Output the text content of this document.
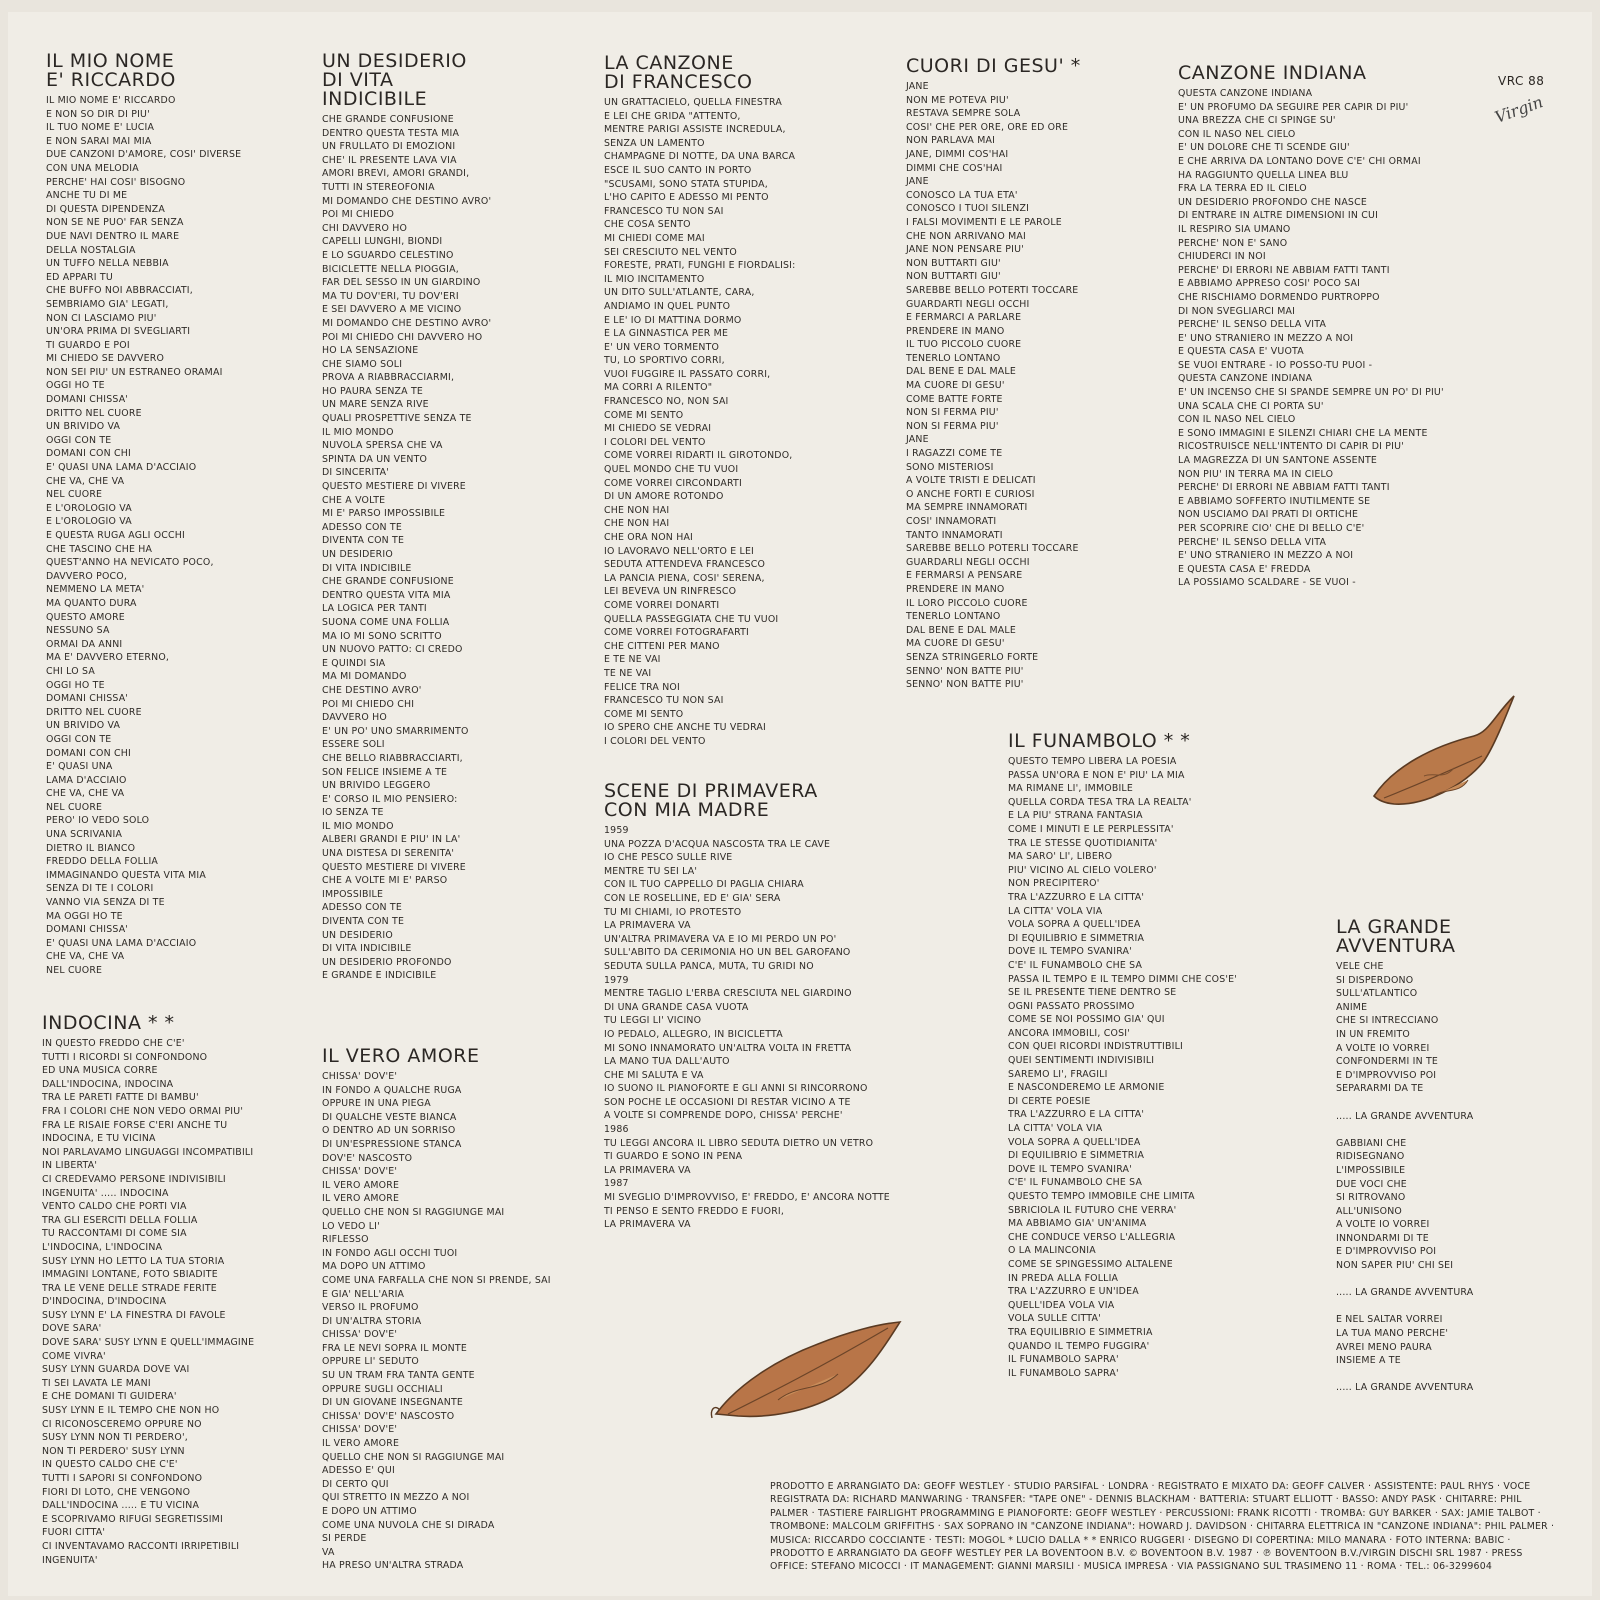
VRC 88
Virgin
IL MIO NOME
E' RICCARDO
IL MIO NOME E' RICCARDO
E NON SO DIR DI PIU'
IL TUO NOME E' LUCIA
E NON SARAI MAI MIA
DUE CANZONI D'AMORE, COSI' DIVERSE
CON UNA MELODIA
PERCHE' HAI COSI' BISOGNO
ANCHE TU DI ME
DI QUESTA DIPENDENZA
NON SE NE PUO' FAR SENZA
DUE NAVI DENTRO IL MARE
DELLA NOSTALGIA
UN TUFFO NELLA NEBBIA
ED APPARI TU
CHE BUFFO NOI ABBRACCIATI,
SEMBRIAMO GIA' LEGATI,
NON CI LASCIAMO PIU'
UN'ORA PRIMA DI SVEGLIARTI
TI GUARDO E POI
MI CHIEDO SE DAVVERO
NON SEI PIU' UN ESTRANEO ORAMAI
OGGI HO TE
DOMANI CHISSA'
DRITTO NEL CUORE
UN BRIVIDO VA
OGGI CON TE
DOMANI CON CHI
E' QUASI UNA LAMA D'ACCIAIO
CHE VA, CHE VA
NEL CUORE
E L'OROLOGIO VA
E L'OROLOGIO VA
E QUESTA RUGA AGLI OCCHI
CHE TASCINO CHE HA
QUEST'ANNO HA NEVICATO POCO,
DAVVERO POCO,
NEMMENO LA META'
MA QUANTO DURA
QUESTO AMORE
NESSUNO SA
ORMAI DA ANNI
MA E' DAVVERO ETERNO,
CHI LO SA
OGGI HO TE
DOMANI CHISSA'
DRITTO NEL CUORE
UN BRIVIDO VA
OGGI CON TE
DOMANI CON CHI
E' QUASI UNA
LAMA D'ACCIAIO
CHE VA, CHE VA
NEL CUORE
PERO' IO VEDO SOLO
UNA SCRIVANIA
DIETRO IL BIANCO
FREDDO DELLA FOLLIA
IMMAGINANDO QUESTA VITA MIA
SENZA DI TE I COLORI
VANNO VIA SENZA DI TE
MA OGGI HO TE
DOMANI CHISSA'
E' QUASI UNA LAMA D'ACCIAIO
CHE VA, CHE VA
NEL CUORE
INDOCINA * *
IN QUESTO FREDDO CHE C'E'
TUTTI I RICORDI SI CONFONDONO
ED UNA MUSICA CORRE
DALL'INDOCINA, INDOCINA
TRA LE PARETI FATTE DI BAMBU'
FRA I COLORI CHE NON VEDO ORMAI PIU'
FRA LE RISAIE FORSE C'ERI ANCHE TU
INDOCINA, E TU VICINA
NOI PARLAVAMO LINGUAGGI INCOMPATIBILI
IN LIBERTA'
CI CREDEVAMO PERSONE INDIVISIBILI
INGENUITA' ..... INDOCINA
VENTO CALDO CHE PORTI VIA
TRA GLI ESERCITI DELLA FOLLIA
TU RACCONTAMI DI COME SIA
L'INDOCINA, L'INDOCINA
SUSY LYNN HO LETTO LA TUA STORIA
IMMAGINI LONTANE, FOTO SBIADITE
TRA LE VENE DELLE STRADE FERITE
D'INDOCINA, D'INDOCINA
SUSY LYNN E' LA FINESTRA DI FAVOLE
DOVE SARA'
DOVE SARA' SUSY LYNN E QUELL'IMMAGINE
COME VIVRA'
SUSY LYNN GUARDA DOVE VAI
TI SEI LAVATA LE MANI
E CHE DOMANI TI GUIDERA'
SUSY LYNN E IL TEMPO CHE NON HO
CI RICONOSCEREMO OPPURE NO
SUSY LYNN NON TI PERDERO',
NON TI PERDERO' SUSY LYNN
IN QUESTO CALDO CHE C'E'
TUTTI I SAPORI SI CONFONDONO
FIORI DI LOTO, CHE VENGONO
DALL'INDOCINA ..... E TU VICINA
E SCOPRIVAMO RIFUGI SEGRETISSIMI
FUORI CITTA'
CI INVENTAVAMO RACCONTI IRRIPETIBILI
INGENUITA'
UN DESIDERIO
DI VITA
INDICIBILE
CHE GRANDE CONFUSIONE
DENTRO QUESTA TESTA MIA
UN FRULLATO DI EMOZIONI
CHE' IL PRESENTE LAVA VIA
AMORI BREVI, AMORI GRANDI,
TUTTI IN STEREOFONIA
MI DOMANDO CHE DESTINO AVRO'
POI MI CHIEDO
CHI DAVVERO HO
CAPELLI LUNGHI, BIONDI
E LO SGUARDO CELESTINO
BICICLETTE NELLA PIOGGIA,
FAR DEL SESSO IN UN GIARDINO
MA TU DOV'ERI, TU DOV'ERI
E SEI DAVVERO A ME VICINO
MI DOMANDO CHE DESTINO AVRO'
POI MI CHIEDO CHI DAVVERO HO
HO LA SENSAZIONE
CHE SIAMO SOLI
PROVA A RIABBRACCIARMI,
HO PAURA SENZA TE
UN MARE SENZA RIVE
QUALI PROSPETTIVE SENZA TE
IL MIO MONDO
NUVOLA SPERSA CHE VA
SPINTA DA UN VENTO
DI SINCERITA'
QUESTO MESTIERE DI VIVERE
CHE A VOLTE
MI E' PARSO IMPOSSIBILE
ADESSO CON TE
DIVENTA CON TE
UN DESIDERIO
DI VITA INDICIBILE
CHE GRANDE CONFUSIONE
DENTRO QUESTA VITA MIA
LA LOGICA PER TANTI
SUONA COME UNA FOLLIA
MA IO MI SONO SCRITTO
UN NUOVO PATTO: CI CREDO
E QUINDI SIA
MA MI DOMANDO
CHE DESTINO AVRO'
POI MI CHIEDO CHI
DAVVERO HO
E' UN PO' UNO SMARRIMENTO
ESSERE SOLI
CHE BELLO RIABBRACCIARTI,
SON FELICE INSIEME A TE
UN BRIVIDO LEGGERO
E' CORSO IL MIO PENSIERO:
IO SENZA TE
IL MIO MONDO
ALBERI GRANDI E PIU' IN LA'
UNA DISTESA DI SERENITA'
QUESTO MESTIERE DI VIVERE
CHE A VOLTE MI E' PARSO
IMPOSSIBILE
ADESSO CON TE
DIVENTA CON TE
UN DESIDERIO
DI VITA INDICIBILE
UN DESIDERIO PROFONDO
E GRANDE E INDICIBILE
IL VERO AMORE
CHISSA' DOV'E'
IN FONDO A QUALCHE RUGA
OPPURE IN UNA PIEGA
DI QUALCHE VESTE BIANCA
O DENTRO AD UN SORRISO
DI UN'ESPRESSIONE STANCA
DOV'E' NASCOSTO
CHISSA' DOV'E'
IL VERO AMORE
IL VERO AMORE
QUELLO CHE NON SI RAGGIUNGE MAI
LO VEDO LI'
RIFLESSO
IN FONDO AGLI OCCHI TUOI
MA DOPO UN ATTIMO
COME UNA FARFALLA CHE NON SI PRENDE, SAI
E GIA' NELL'ARIA
VERSO IL PROFUMO
DI UN'ALTRA STORIA
CHISSA' DOV'E'
FRA LE NEVI SOPRA IL MONTE
OPPURE LI' SEDUTO
SU UN TRAM FRA TANTA GENTE
OPPURE SUGLI OCCHIALI
DI UN GIOVANE INSEGNANTE
CHISSA' DOV'E' NASCOSTO
CHISSA' DOV'E'
IL VERO AMORE
QUELLO CHE NON SI RAGGIUNGE MAI
ADESSO E' QUI
DI CERTO QUI
QUI STRETTO IN MEZZO A NOI
E DOPO UN ATTIMO
COME UNA NUVOLA CHE SI DIRADA
SI PERDE
VA
HA PRESO UN'ALTRA STRADA
LA CANZONE
DI FRANCESCO
UN GRATTACIELO, QUELLA FINESTRA
E LEI CHE GRIDA "ATTENTO,
MENTRE PARIGI ASSISTE INCREDULA,
SENZA UN LAMENTO
CHAMPAGNE DI NOTTE, DA UNA BARCA
ESCE IL SUO CANTO IN PORTO
"SCUSAMI, SONO STATA STUPIDA,
L'HO CAPITO E ADESSO MI PENTO
FRANCESCO TU NON SAI
CHE COSA SENTO
MI CHIEDI COME MAI
SEI CRESCIUTO NEL VENTO
FORESTE, PRATI, FUNGHI E FIORDALISI:
IL MIO INCITAMENTO
UN DITO SULL'ATLANTE, CARA,
ANDIAMO IN QUEL PUNTO
E LE' IO DI MATTINA DORMO
E LA GINNASTICA PER ME
E' UN VERO TORMENTO
TU, LO SPORTIVO CORRI,
VUOI FUGGIRE IL PASSATO CORRI,
MA CORRI A RILENTO"
FRANCESCO NO, NON SAI
COME MI SENTO
MI CHIEDO SE VEDRAI
I COLORI DEL VENTO
COME VORREI RIDARTI IL GIROTONDO,
QUEL MONDO CHE TU VUOI
COME VORREI CIRCONDARTI
DI UN AMORE ROTONDO
CHE NON HAI
CHE NON HAI
CHE ORA NON HAI
IO LAVORAVO NELL'ORTO E LEI
SEDUTA ATTENDEVA FRANCESCO
LA PANCIA PIENA, COSI' SERENA,
LEI BEVEVA UN RINFRESCO
COME VORREI DONARTI
QUELLA PASSEGGIATA CHE TU VUOI
COME VORREI FOTOGRAFARTI
CHE CITTENI PER MANO
E TE NE VAI
TE NE VAI
FELICE TRA NOI
FRANCESCO TU NON SAI
COME MI SENTO
IO SPERO CHE ANCHE TU VEDRAI
I COLORI DEL VENTO
SCENE DI PRIMAVERA
CON MIA MADRE
1959
UNA POZZA D'ACQUA NASCOSTA TRA LE CAVE
IO CHE PESCO SULLE RIVE
MENTRE TU SEI LA'
CON IL TUO CAPPELLO DI PAGLIA CHIARA
CON LE ROSELLINE, ED E' GIA' SERA
TU MI CHIAMI, IO PROTESTO
LA PRIMAVERA VA
UN'ALTRA PRIMAVERA VA E IO MI PERDO UN PO'
SULL'ABITO DA CERIMONIA HO UN BEL GAROFANO
SEDUTA SULLA PANCA, MUTA, TU GRIDI NO
1979
MENTRE TAGLIO L'ERBA CRESCIUTA NEL GIARDINO
DI UNA GRANDE CASA VUOTA
TU LEGGI LI' VICINO
IO PEDALO, ALLEGRO, IN BICICLETTA
MI SONO INNAMORATO UN'ALTRA VOLTA IN FRETTA
LA MANO TUA DALL'AUTO
CHE MI SALUTA E VA
IO SUONO IL PIANOFORTE E GLI ANNI SI RINCORRONO
SON POCHE LE OCCASIONI DI RESTAR VICINO A TE
A VOLTE SI COMPRENDE DOPO, CHISSA' PERCHE'
1986
TU LEGGI ANCORA IL LIBRO SEDUTA DIETRO UN VETRO
TI GUARDO E SONO IN PENA
LA PRIMAVERA VA
1987
MI SVEGLIO D'IMPROVVISO, E' FREDDO, E' ANCORA NOTTE
TI PENSO E SENTO FREDDO E FUORI,
LA PRIMAVERA VA
CUORI DI GESU' *
JANE
NON ME POTEVA PIU'
RESTAVA SEMPRE SOLA
COSI' CHE PER ORE, ORE ED ORE
NON PARLAVA MAI
JANE, DIMMI COS'HAI
DIMMI CHE COS'HAI
JANE
CONOSCO LA TUA ETA'
CONOSCO I TUOI SILENZI
I FALSI MOVIMENTI E LE PAROLE
CHE NON ARRIVANO MAI
JANE NON PENSARE PIU'
NON BUTTARTI GIU'
NON BUTTARTI GIU'
SAREBBE BELLO POTERTI TOCCARE
GUARDARTI NEGLI OCCHI
E FERMARCI A PARLARE
PRENDERE IN MANO
IL TUO PICCOLO CUORE
TENERLO LONTANO
DAL BENE E DAL MALE
MA CUORE DI GESU'
COME BATTE FORTE
NON SI FERMA PIU'
NON SI FERMA PIU'
JANE
I RAGAZZI COME TE
SONO MISTERIOSI
A VOLTE TRISTI E DELICATI
O ANCHE FORTI E CURIOSI
MA SEMPRE INNAMORATI
COSI' INNAMORATI
TANTO INNAMORATI
SAREBBE BELLO POTERLI TOCCARE
GUARDARLI NEGLI OCCHI
E FERMARSI A PENSARE
PRENDERE IN MANO
IL LORO PICCOLO CUORE
TENERLO LONTANO
DAL BENE E DAL MALE
MA CUORE DI GESU'
SENZA STRINGERLO FORTE
SENNO' NON BATTE PIU'
SENNO' NON BATTE PIU'
IL FUNAMBOLO * *
QUESTO TEMPO LIBERA LA POESIA
PASSA UN'ORA E NON E' PIU' LA MIA
MA RIMANE LI', IMMOBILE
QUELLA CORDA TESA TRA LA REALTA'
E LA PIU' STRANA FANTASIA
COME I MINUTI E LE PERPLESSITA'
TRA LE STESSE QUOTIDIANITA'
MA SARO' LI', LIBERO
PIU' VICINO AL CIELO VOLERO'
NON PRECIPITERO'
TRA L'AZZURRO E LA CITTA'
LA CITTA' VOLA VIA
VOLA SOPRA A QUELL'IDEA
DI EQUILIBRIO E SIMMETRIA
DOVE IL TEMPO SVANIRA'
C'E' IL FUNAMBOLO CHE SA
PASSA IL TEMPO E IL TEMPO DIMMI CHE COS'E'
SE IL PRESENTE TIENE DENTRO SE
OGNI PASSATO PROSSIMO
COME SE NOI POSSIMO GIA' QUI
ANCORA IMMOBILI, COSI'
CON QUEI RICORDI INDISTRUTTIBILI
QUEI SENTIMENTI INDIVISIBILI
SAREMO LI', FRAGILI
E NASCONDEREMO LE ARMONIE
DI CERTE POESIE
TRA L'AZZURRO E LA CITTA'
LA CITTA' VOLA VIA
VOLA SOPRA A QUELL'IDEA
DI EQUILIBRIO E SIMMETRIA
DOVE IL TEMPO SVANIRA'
C'E' IL FUNAMBOLO CHE SA
QUESTO TEMPO IMMOBILE CHE LIMITA
SBRICIOLA IL FUTURO CHE VERRA'
MA ABBIAMO GIA' UN'ANIMA
CHE CONDUCE VERSO L'ALLEGRIA
O LA MALINCONIA
COME SE SPINGESSIMO ALTALENE
IN PREDA ALLA FOLLIA
TRA L'AZZURRO E UN'IDEA
QUELL'IDEA VOLA VIA
VOLA SULLE CITTA'
TRA EQUILIBRIO E SIMMETRIA
QUANDO IL TEMPO FUGGIRA'
IL FUNAMBOLO SAPRA'
IL FUNAMBOLO SAPRA'
CANZONE INDIANA
QUESTA CANZONE INDIANA
E' UN PROFUMO DA SEGUIRE PER CAPIR DI PIU'
UNA BREZZA CHE CI SPINGE SU'
CON IL NASO NEL CIELO
E' UN DOLORE CHE TI SCENDE GIU'
E CHE ARRIVA DA LONTANO DOVE C'E' CHI ORMAI
HA RAGGIUNTO QUELLA LINEA BLU
FRA LA TERRA ED IL CIELO
UN DESIDERIO PROFONDO CHE NASCE
DI ENTRARE IN ALTRE DIMENSIONI IN CUI
IL RESPIRO SIA UMANO
PERCHE' NON E' SANO
CHIUDERCI IN NOI
PERCHE' DI ERRORI NE ABBIAM FATTI TANTI
E ABBIAMO APPRESO COSI' POCO SAI
CHE RISCHIAMO DORMENDO PURTROPPO
DI NON SVEGLIARCI MAI
PERCHE' IL SENSO DELLA VITA
E' UNO STRANIERO IN MEZZO A NOI
E QUESTA CASA E' VUOTA
SE VUOI ENTRARE - IO POSSO-TU PUOI -
QUESTA CANZONE INDIANA
E' UN INCENSO CHE SI SPANDE SEMPRE UN PO' DI PIU'
UNA SCALA CHE CI PORTA SU'
CON IL NASO NEL CIELO
E SONO IMMAGINI E SILENZI CHIARI CHE LA MENTE
RICOSTRUISCE NELL'INTENTO DI CAPIR DI PIU'
LA MAGREZZA DI UN SANTONE ASSENTE
NON PIU' IN TERRA MA IN CIELO
PERCHE' DI ERRORI NE ABBIAM FATTI TANTI
E ABBIAMO SOFFERTO INUTILMENTE SE
NON USCIAMO DAI PRATI DI ORTICHE
PER SCOPRIRE CIO' CHE DI BELLO C'E'
PERCHE' IL SENSO DELLA VITA
E' UNO STRANIERO IN MEZZO A NOI
E QUESTA CASA E' FREDDA
LA POSSIAMO SCALDARE - SE VUOI -
LA GRANDE
AVVENTURA
VELE CHE
SI DISPERDONO
SULL'ATLANTICO
ANIME
CHE SI INTRECCIANO
IN UN FREMITO
A VOLTE IO VORREI
CONFONDERMI IN TE
E D'IMPROVVISO POI
SEPARARMI DA TE

..... LA GRANDE AVVENTURA

GABBIANI CHE
RIDISEGNANO
L'IMPOSSIBILE
DUE VOCI CHE
SI RITROVANO
ALL'UNISONO
A VOLTE IO VORREI
INNONDARMI DI TE
E D'IMPROVVISO POI
NON SAPER PIU' CHI SEI

..... LA GRANDE AVVENTURA

E NEL SALTAR VORREI
LA TUA MANO PERCHE'
AVREI MENO PAURA
INSIEME A TE

..... LA GRANDE AVVENTURA
PRODOTTO E ARRANGIATO DA: GEOFF WESTLEY · STUDIO PARSIFAL · LONDRA · REGISTRATO E MIXATO DA: GEOFF CALVER · ASSISTENTE: PAUL RHYS · VOCE REGISTRATA DA: RICHARD MANWARING · TRANSFER: "TAPE ONE" - DENNIS BLACKHAM · BATTERIA: STUART ELLIOTT · BASSO: ANDY PASK · CHITARRE: PHIL PALMER · TASTIERE FAIRLIGHT PROGRAMMING E PIANOFORTE: GEOFF WESTLEY · PERCUSSIONI: FRANK RICOTTI · TROMBA: GUY BARKER · SAX: JAMIE TALBOT · TROMBONE: MALCOLM GRIFFITHS · SAX SOPRANO IN "CANZONE INDIANA": HOWARD J. DAVIDSON · CHITARRA ELETTRICA IN "CANZONE INDIANA": PHIL PALMER · MUSICA: RICCARDO COCCIANTE · TESTI: MOGOL * LUCIO DALLA * * ENRICO RUGGERI · DISEGNO DI COPERTINA: MILO MANARA · FOTO INTERNA: BABIC · PRODOTTO E ARRANGIATO DA GEOFF WESTLEY PER LA BOVENTOON B.V. © BOVENTOON B.V. 1987 · ℗ BOVENTOON B.V./VIRGIN DISCHI SRL 1987 · PRESS OFFICE: STEFANO MICOCCI · IT MANAGEMENT: GIANNI MARSILI · MUSICA IMPRESA · VIA PASSIGNANO SUL TRASIMENO 11 · ROMA · TEL.: 06-3299604
